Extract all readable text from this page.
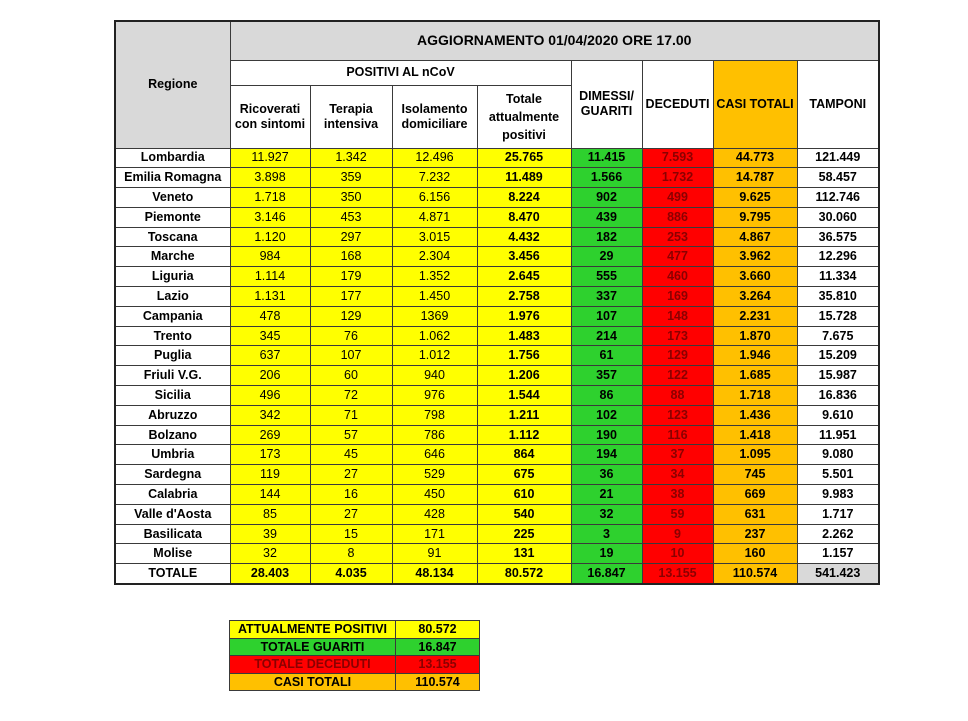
Regione	AGGIORNAMENTO 01/04/2020 ORE 17.00							
	POSITIVI AL nCoV				DIMESSI/ GUARITI	DECEDUTI	CASI TOTALI	TAMPONI
	Ricoverati con sintomi	Terapia intensiva	Isolamento domiciliare	Totale attualmente positivi				
Lombardia	11.927	1.342	12.496	25.765	11.415	7.593	44.773	121.449
Emilia Romagna	3.898	359	7.232	11.489	1.566	1.732	14.787	58.457
Veneto	1.718	350	6.156	8.224	902	499	9.625	112.746
Piemonte	3.146	453	4.871	8.470	439	886	9.795	30.060
Toscana	1.120	297	3.015	4.432	182	253	4.867	36.575
Marche	984	168	2.304	3.456	29	477	3.962	12.296
Liguria	1.114	179	1.352	2.645	555	460	3.660	11.334
Lazio	1.131	177	1.450	2.758	337	169	3.264	35.810
Campania	478	129	1369	1.976	107	148	2.231	15.728
Trento	345	76	1.062	1.483	214	173	1.870	7.675
Puglia	637	107	1.012	1.756	61	129	1.946	15.209
Friuli V.G.	206	60	940	1.206	357	122	1.685	15.987
Sicilia	496	72	976	1.544	86	88	1.718	16.836
Abruzzo	342	71	798	1.211	102	123	1.436	9.610
Bolzano	269	57	786	1.112	190	116	1.418	11.951
Umbria	173	45	646	864	194	37	1.095	9.080
Sardegna	119	27	529	675	36	34	745	5.501
Calabria	144	16	450	610	21	38	669	9.983
Valle d'Aosta	85	27	428	540	32	59	631	1.717
Basilicata	39	15	171	225	3	9	237	2.262
Molise	32	8	91	131	19	10	160	1.157
TOTALE	28.403	4.035	48.134	80.572	16.847	13.155	110.574	541.423
ATTUALMENTE POSITIVI	80.572
TOTALE GUARITI	16.847
TOTALE DECEDUTI	13.155
CASI TOTALI	110.574
